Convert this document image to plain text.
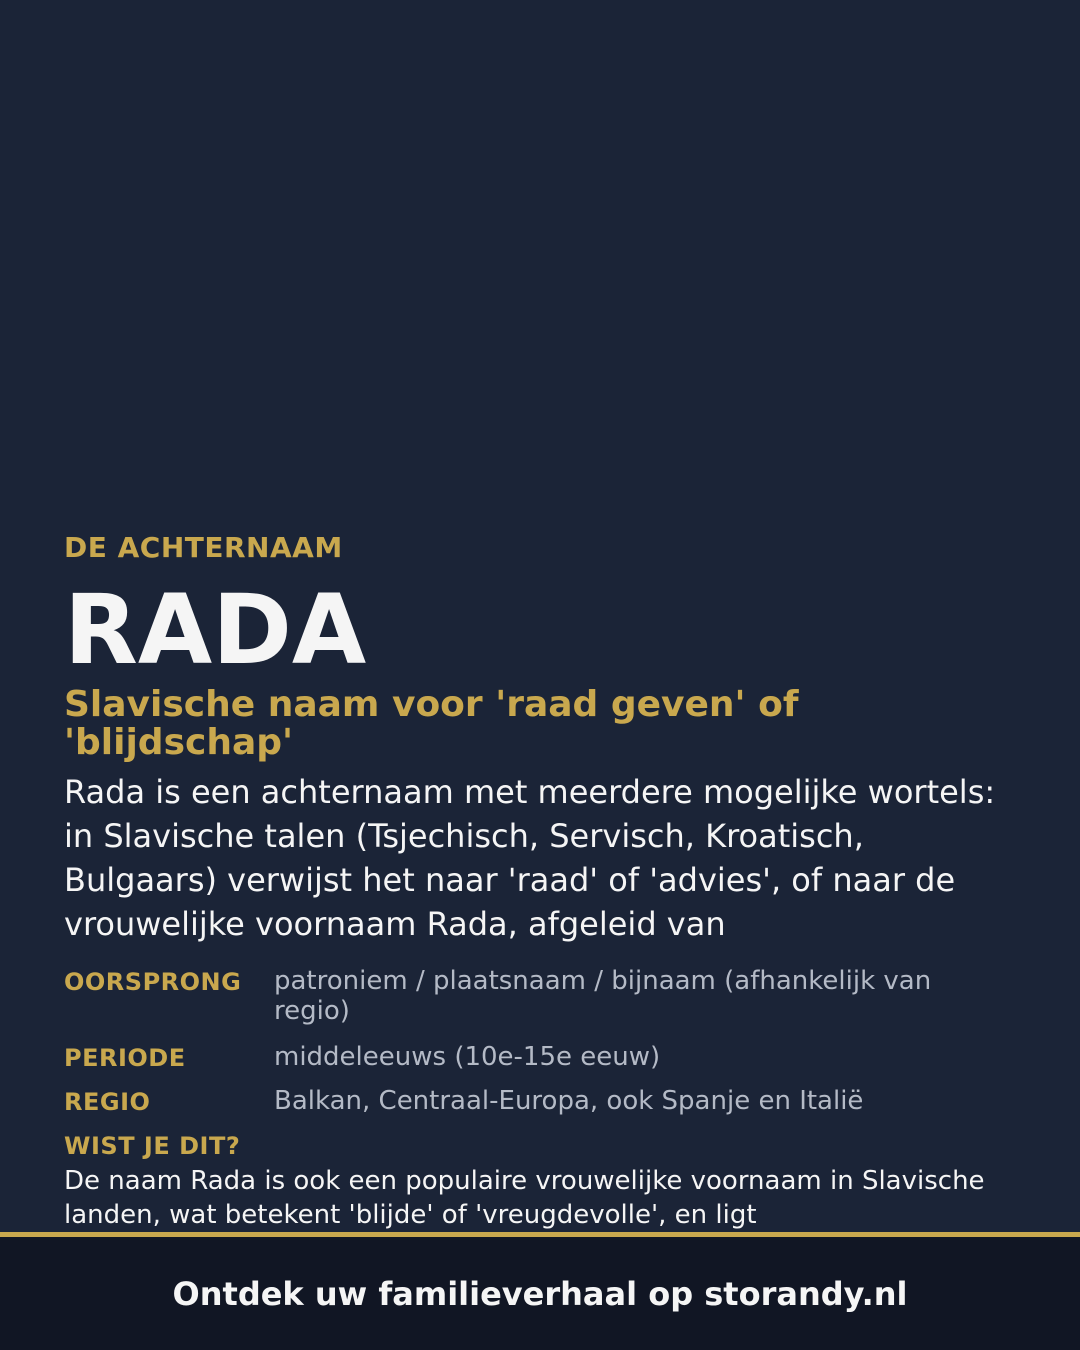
DE ACHTERNAAM
RADA
Slavische naam voor 'raad geven' of 'blijdschap'
Rada is een achternaam met meerdere mogelijke wortels: in Slavische talen (Tsjechisch, Servisch, Kroatisch, Bulgaars) verwijst het naar 'raad' of 'advies', of naar de vrouwelijke voornaam Rada, afgeleid van
OORSPRONG patroniem / plaatsnaam / bijnaam (afhankelijk van regio)
PERIODE	middeleeuws (10e-15e eeuw)
REGIO	Balkan, Centraal-Europa, ook Spanje en Italië
WIST JE DIT?
De naam Rada is ook een populaire vrouwelijke voornaam in Slavische landen, wat betekent 'blijde' of 'vreugdevolle', en ligt
Ontdek uw familieverhaal op storandy.nl
